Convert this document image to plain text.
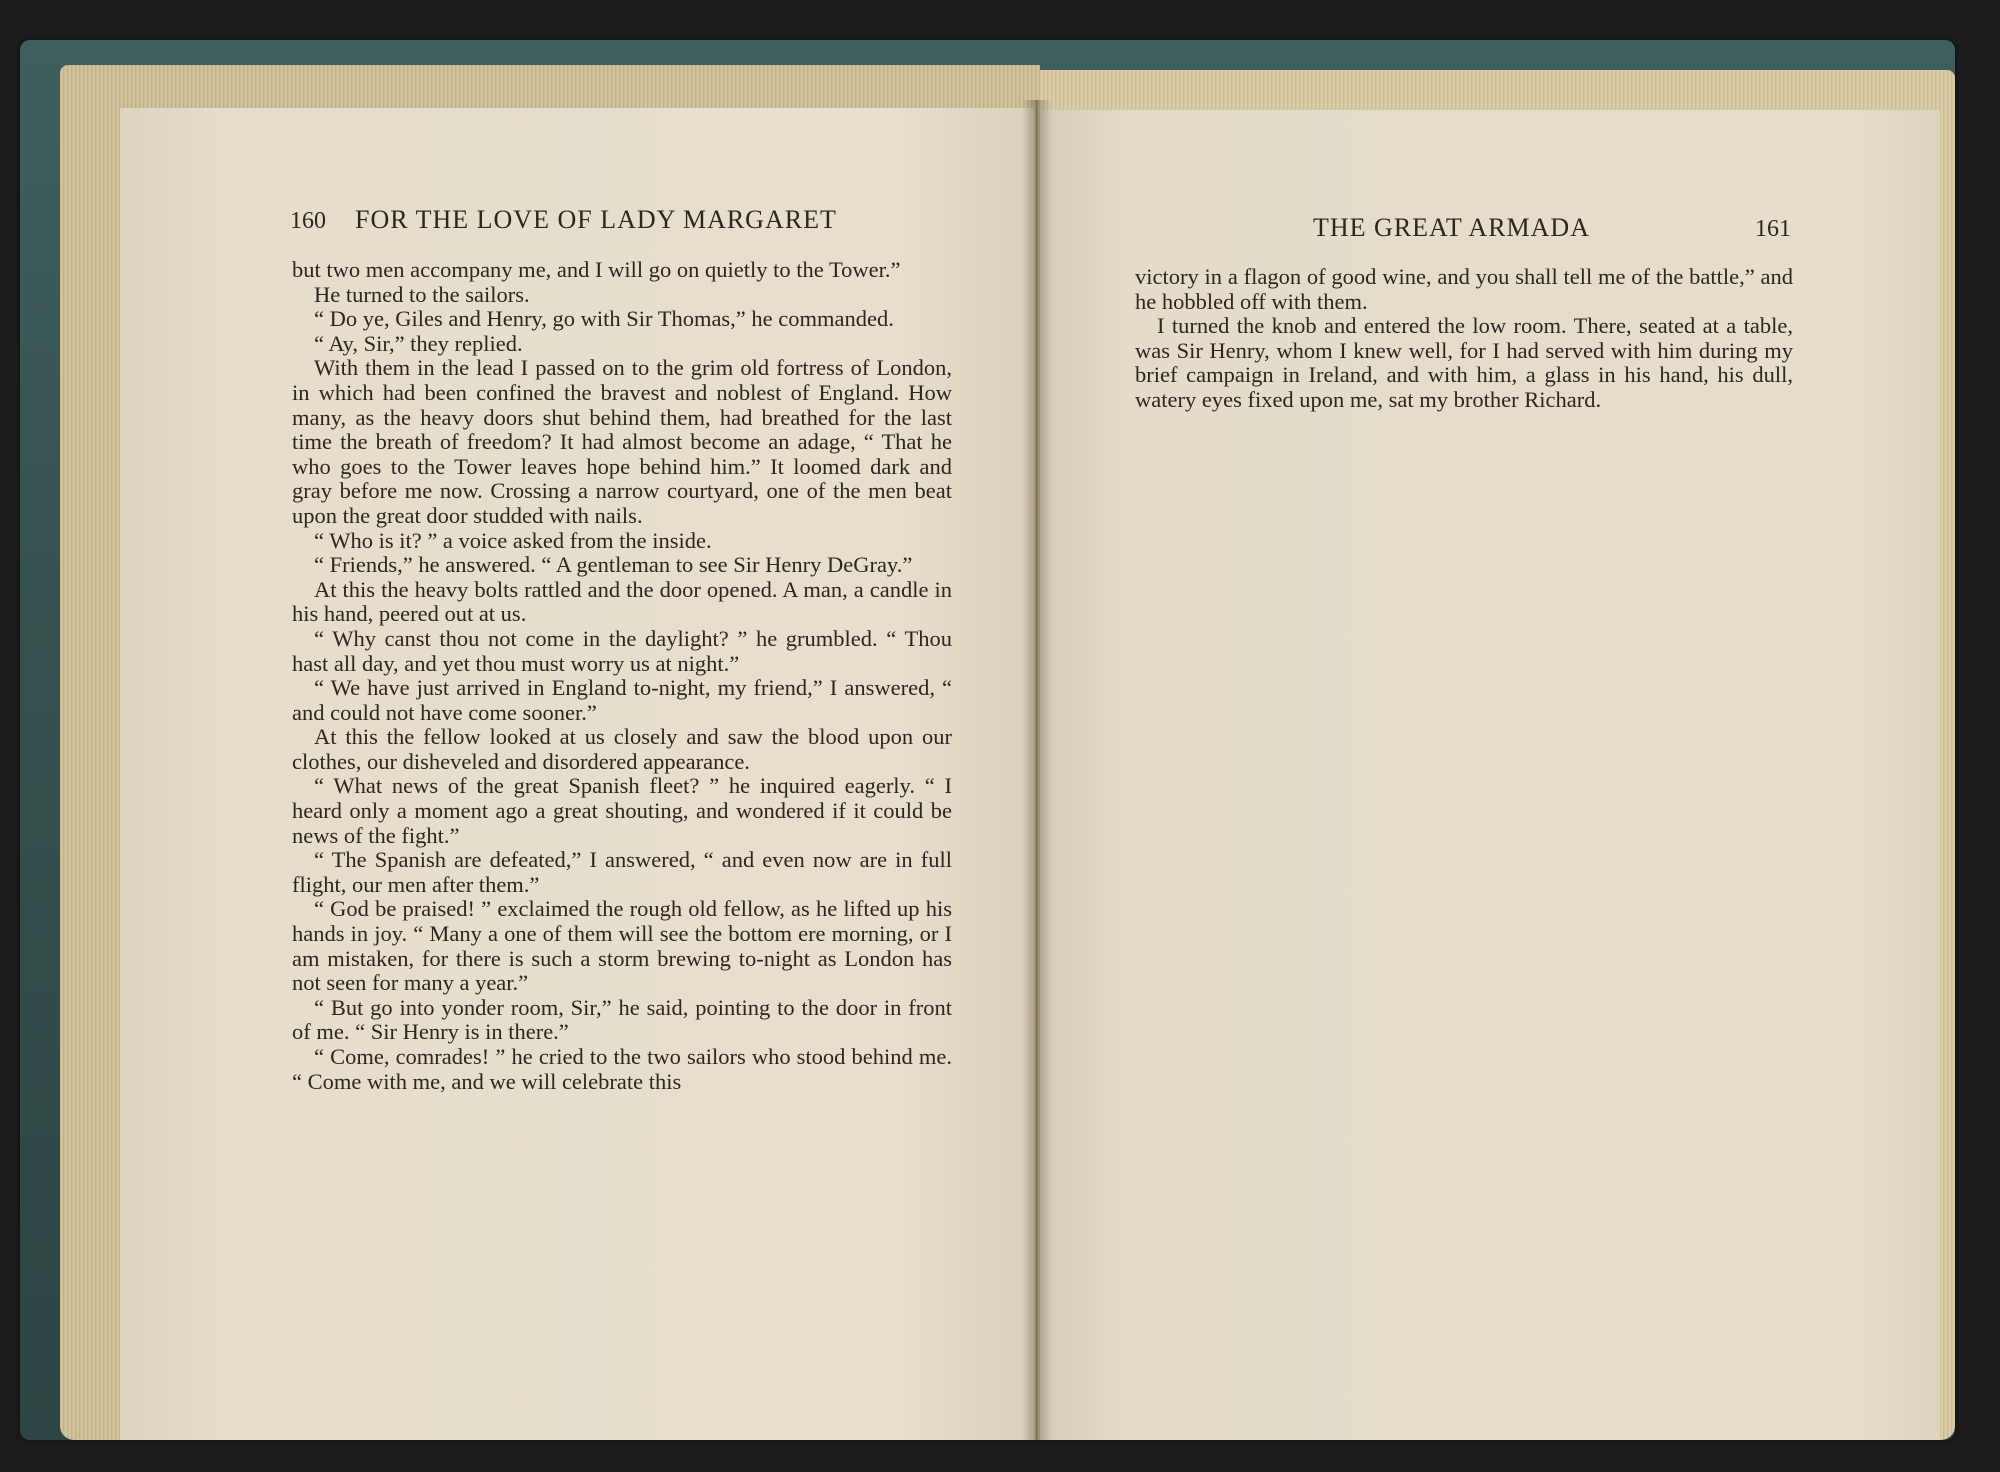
160 FOR THE LOVE OF LADY MARGARET

but two men accompany me, and I will go on quietly to the Tower.”

He turned to the sailors.

“ Do ye, Giles and Henry, go with Sir Thomas,” he commanded.

“ Ay, Sir,” they replied.

With them in the lead I passed on to the grim old fortress of London, in which had been confined the bravest and noblest of England. How many, as the heavy doors shut behind them, had breathed for the last time the breath of freedom? It had almost become an adage, “ That he who goes to the Tower leaves hope behind him.” It loomed dark and gray before me now. Crossing a narrow courtyard, one of the men beat upon the great door studded with nails.

“ Who is it? ” a voice asked from the inside.

“ Friends,” he answered. “ A gentleman to see Sir Henry DeGray.”

At this the heavy bolts rattled and the door opened. A man, a candle in his hand, peered out at us.

“ Why canst thou not come in the daylight? ” he grumbled. “ Thou hast all day, and yet thou must worry us at night.”

“ We have just arrived in England to-night, my friend,” I answered, “ and could not have come sooner.”

At this the fellow looked at us closely and saw the blood upon our clothes, our disheveled and disordered appearance.

“ What news of the great Spanish fleet? ” he inquired eagerly. “ I heard only a moment ago a great shouting, and wondered if it could be news of the fight.”

“ The Spanish are defeated,” I answered, “ and even now are in full flight, our men after them.”

“ God be praised! ” exclaimed the rough old fellow, as he lifted up his hands in joy. “ Many a one of them will see the bottom ere morning, or I am mistaken, for there is such a storm brewing to-night as London has not seen for many a year.”

“ But go into yonder room, Sir,” he said, pointing to the door in front of me. “ Sir Henry is in there.”

“ Come, comrades! ” he cried to the two sailors who stood behind me. “ Come with me, and we will celebrate this

THE GREAT ARMADA	161

victory in a flagon of good wine, and you shall tell me of the battle,” and he hobbled off with them.

I turned the knob and entered the low room. There, seated at a table, was Sir Henry, whom I knew well, for I had served with him during my brief campaign in Ireland, and with him, a glass in his hand, his dull, watery eyes fixed upon me, sat my brother Richard.
